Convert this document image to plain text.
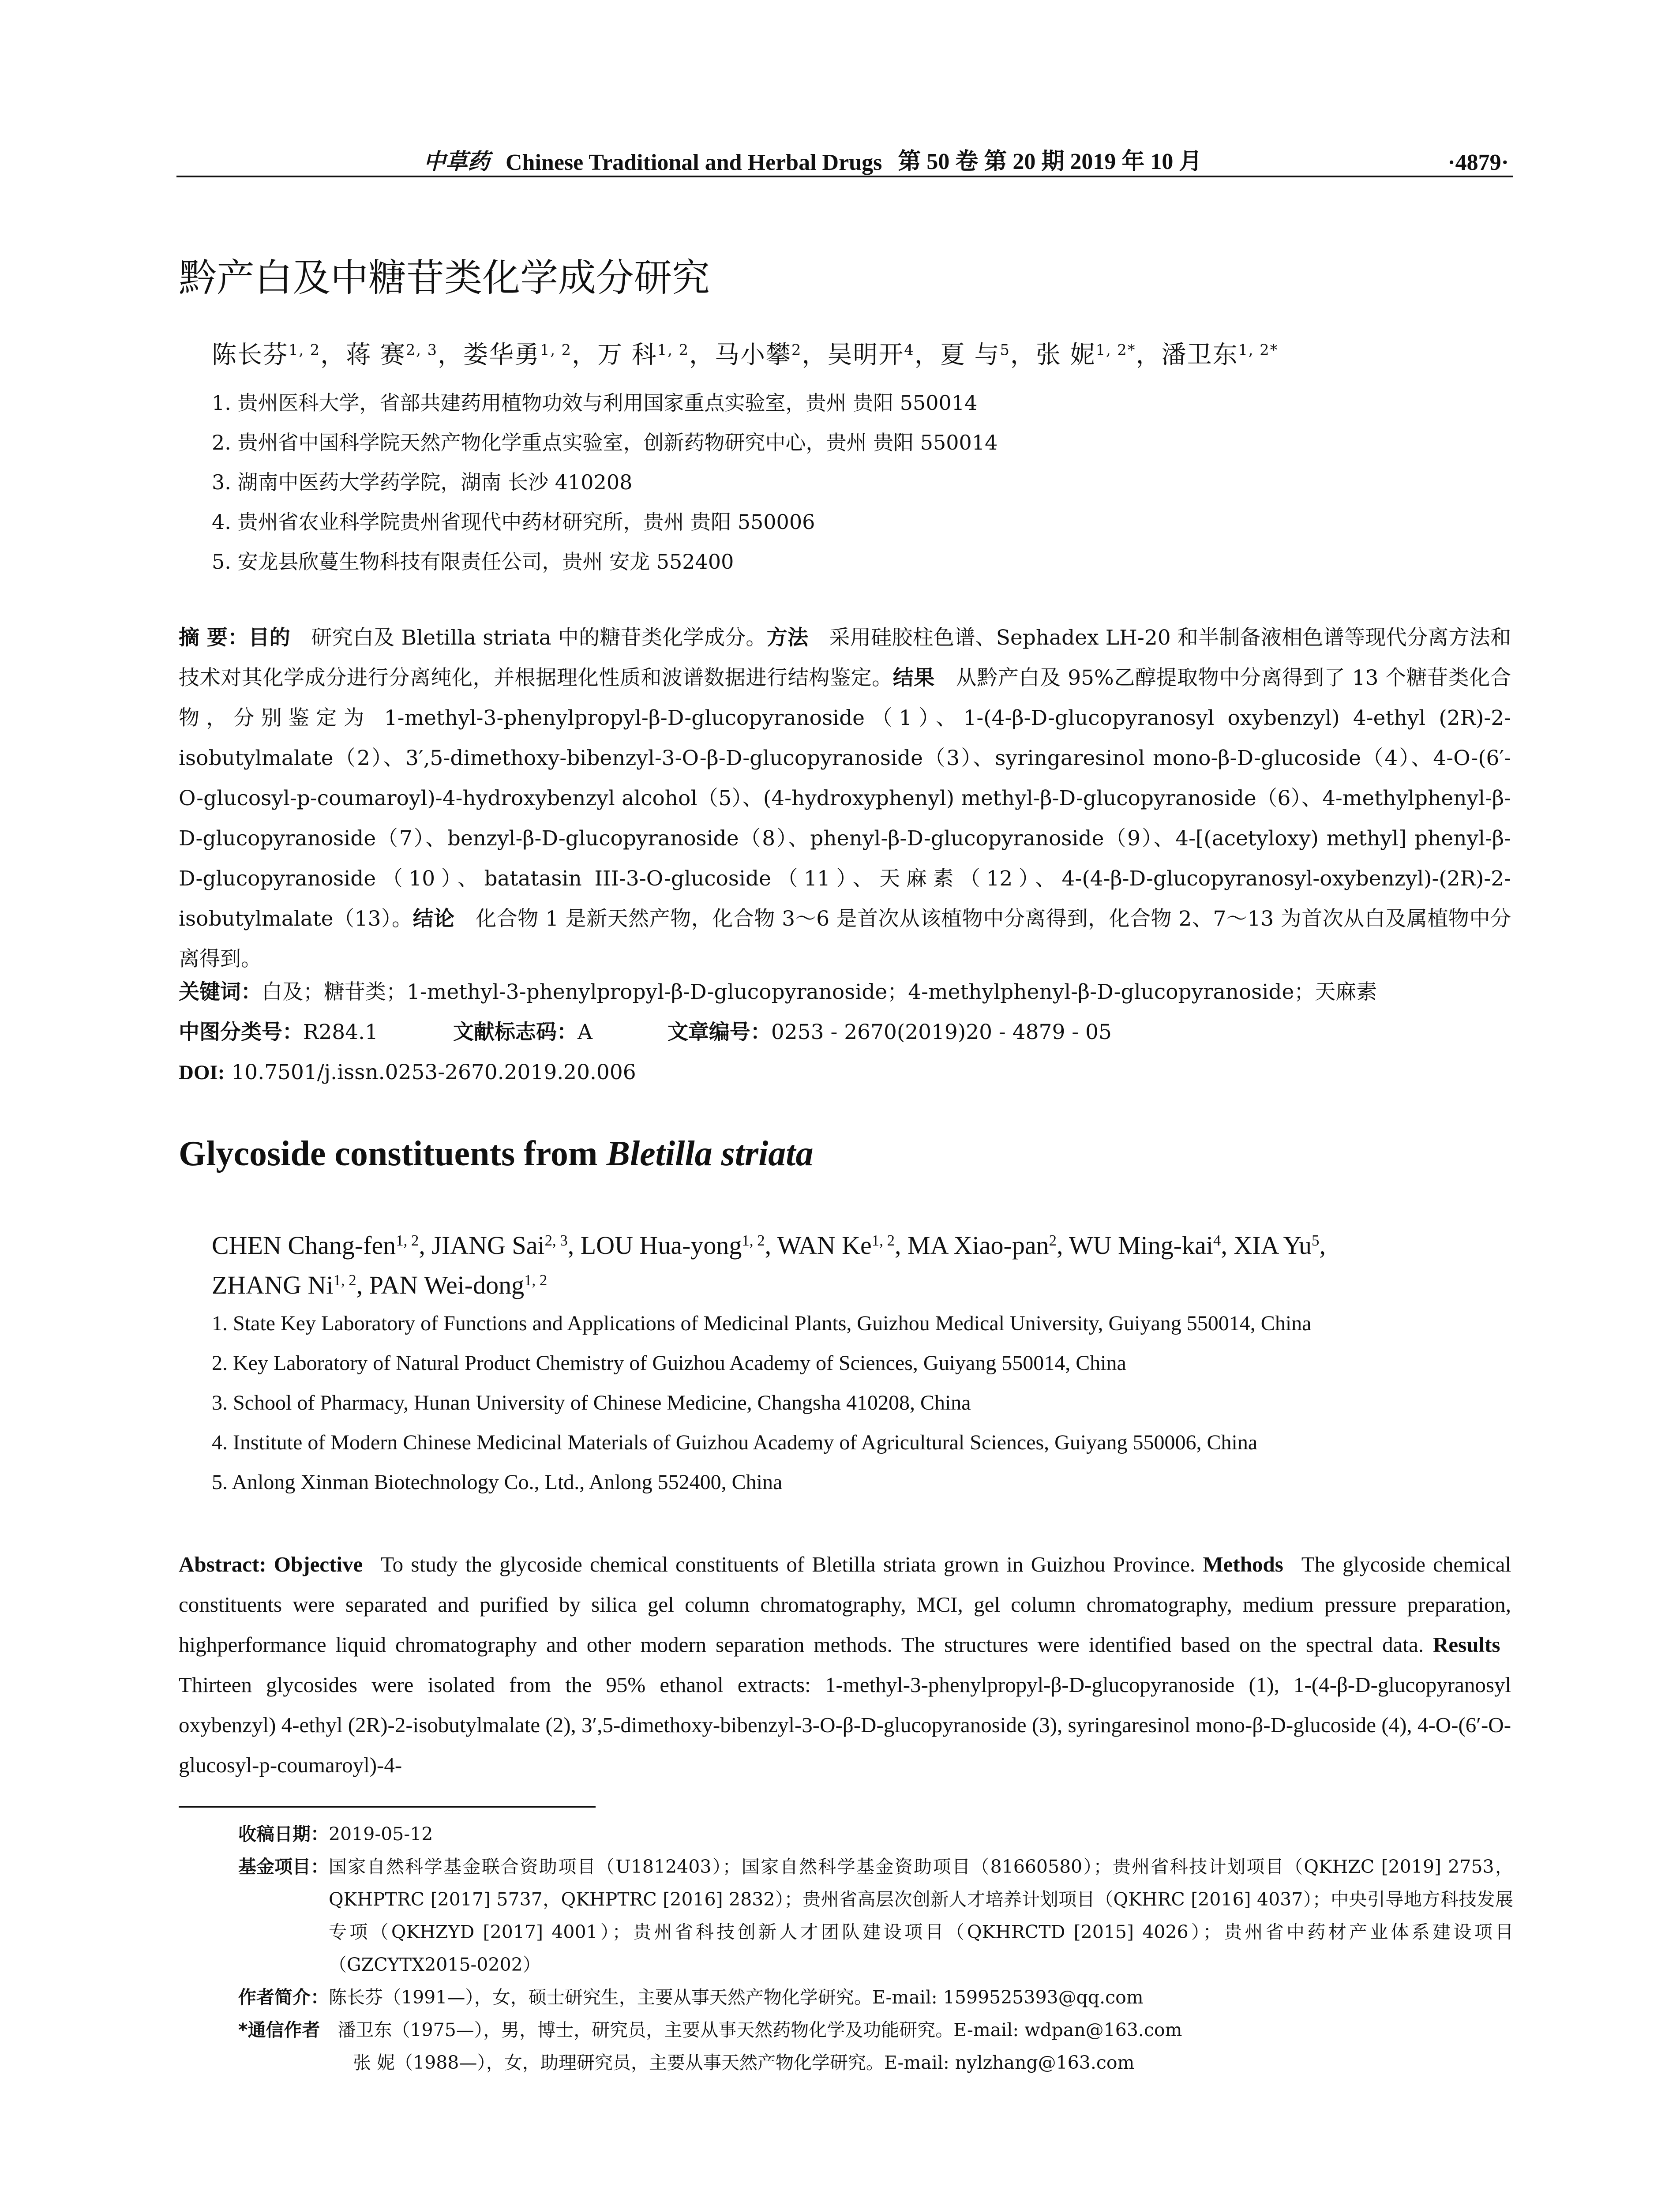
中草药 Chinese Traditional and Herbal Drugs 第 50 卷 第 20 期 2019 年 10 月	·4879·
黔产白及中糖苷类化学成分研究
陈长芬$^{1, 2}$，蒋 赛$^{2, 3}$，娄华勇$^{1, 2}$，万 科$^{1, 2}$，马小攀$^2$，吴明开$^4$，夏 与$^5$，张 妮$^{1, 2*}$，潘卫东$^{1, 2*}$
1. 贵州医科大学，省部共建药用植物功效与利用国家重点实验室，贵州 贵阳 550014
2. 贵州省中国科学院天然产物化学重点实验室，创新药物研究中心，贵州 贵阳 550014
3. 湖南中医药大学药学院，湖南 长沙 410208
4. 贵州省农业科学院贵州省现代中药材研究所，贵州 贵阳 550006
5. 安龙县欣蔓生物科技有限责任公司，贵州 安龙 552400

摘 要：目的  研究白及 Bletilla striata 中的糖苷类化学成分。方法  采用硅胶柱色谱、Sephadex LH-20 和半制备液相色谱等现代分离方法和技术对其化学成分进行分离纯化，并根据理化性质和波谱数据进行结构鉴定。结果  从黔产白及 95%乙醇提取物中分离得到了 13 个糖苷类化合物，分别鉴定为 1-methyl-3-phenylpropyl-β-D-glucopyranoside（1）、1-(4-β-D-glucopyranosyl oxybenzyl) 4-ethyl (2R)-2-isobutylmalate（2）、3′,5-dimethoxy-bibenzyl-3-O-β-D-glucopyranoside（3）、syringaresinol mono-β-D-glucoside（4）、4-O-(6′-O-glucosyl-p-coumaroyl)-4-hydroxybenzyl alcohol（5）、(4-hydroxyphenyl) methyl-β-D-glucopyranoside（6）、4-methylphenyl-β-D-glucopyranoside（7）、benzyl-β-D-glucopyranoside（8）、phenyl-β-D-glucopyranoside（9）、4-[(acetyloxy) methyl] phenyl-β-D-glucopyranoside（10）、batatasin III-3-O-glucoside（11）、天麻素（12）、4-(4-β-D-glucopyranosyl-oxybenzyl)-(2R)-2-isobutylmalate（13）。结论  化合物 1 是新天然产物，化合物 3～6 是首次从该植物中分离得到，化合物 2、7～13 为首次从白及属植物中分离得到。

关键词：白及；糖苷类；1-methyl-3-phenylpropyl-β-D-glucopyranoside；4-methylphenyl-β-D-glucopyranoside；天麻素
中图分类号：R284.1	文献标志码：A	文章编号：0253 - 2670(2019)20 - 4879 - 05
DOI: 10.7501/j.issn.0253-2670.2019.20.006
Glycoside constituents from Bletilla striata
CHEN Chang-fen$^{1, 2}$, JIANG Sai$^{2, 3}$, LOU Hua-yong$^{1, 2}$, WAN Ke$^{1, 2}$, MA Xiao-pan$^2$, WU Ming-kai$^4$, XIA Yu$^5$,
ZHANG Ni$^{1, 2}$, PAN Wei-dong$^{1, 2}$
1. State Key Laboratory of Functions and Applications of Medicinal Plants, Guizhou Medical University, Guiyang 550014, China
2. Key Laboratory of Natural Product Chemistry of Guizhou Academy of Sciences, Guiyang 550014, China
3. School of Pharmacy, Hunan University of Chinese Medicine, Changsha 410208, China
4. Institute of Modern Chinese Medicinal Materials of Guizhou Academy of Agricultural Sciences, Guiyang 550006, China
5. Anlong Xinman Biotechnology Co., Ltd., Anlong 552400, China

Abstract: Objective  To study the glycoside chemical constituents of Bletilla striata grown in Guizhou Province. Methods  The glycoside chemical constituents were separated and purified by silica gel column chromatography, MCI, gel column chromatography, medium pressure preparation, highperformance liquid chromatography and other modern separation methods. The structures were identified based on the spectral data. Results  Thirteen glycosides were isolated from the 95% ethanol extracts: 1-methyl-3-phenylpropyl-β-D-glucopyranoside (1), 1-(4-β-D-glucopyranosyl oxybenzyl) 4-ethyl (2R)-2-isobutylmalate (2), 3′,5-dimethoxy-bibenzyl-3-O-β-D-glucopyranoside (3), syringaresinol mono-β-D-glucoside (4), 4-O-(6′-O-glucosyl-p-coumaroyl)-4-

收稿日期： 2019-05-12
基金项目： 国家自然科学基金联合资助项目（U1812403）；国家自然科学基金资助项目（81660580）；贵州省科技计划项目（QKHZC [2019] 2753，QKHPTRC [2017] 5737，QKHPTRC [2016] 2832）；贵州省高层次创新人才培养计划项目（QKHRC [2016] 4037）；中央引导地方科技发展专项（QKHZYD [2017] 4001）；贵州省科技创新人才团队建设项目（QKHRCTD [2015] 4026）；贵州省中药材产业体系建设项目（GZCYTX2015-0202）
作者简介： 陈长芬（1991—），女，硕士研究生，主要从事天然产物化学研究。E-mail: 1599525393@qq.com
*通信作者 潘卫东（1975—），男，博士，研究员，主要从事天然药物化学及功能研究。E-mail: wdpan@163.com
张 妮（1988—），女，助理研究员，主要从事天然产物化学研究。E-mail: nylzhang@163.com
